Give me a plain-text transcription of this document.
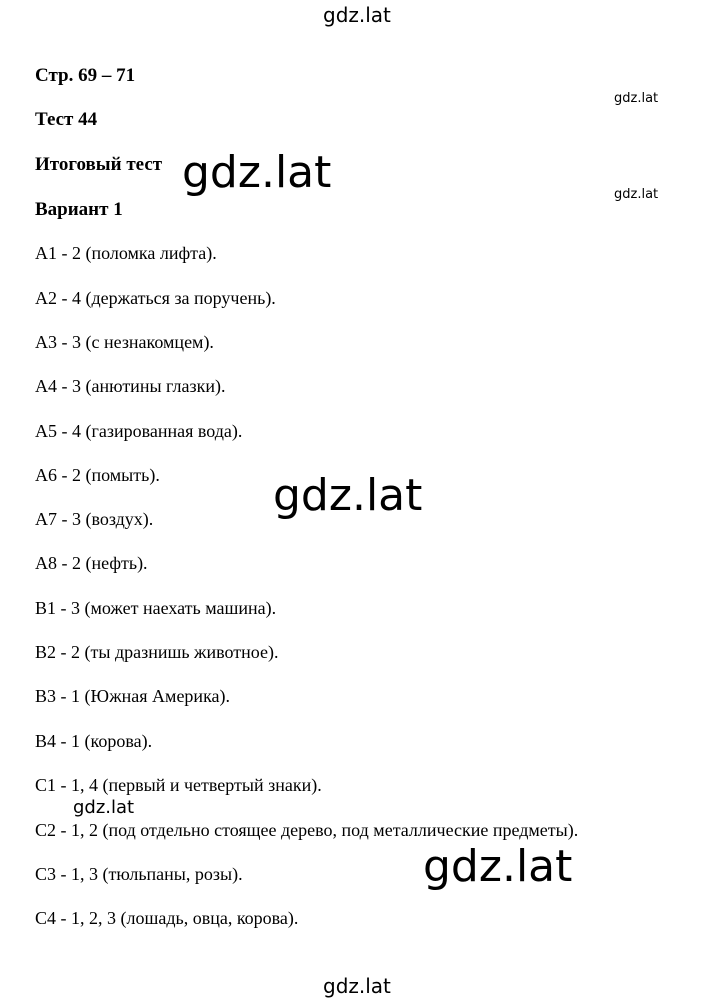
gdz.lat
Стр. 69 – 71
Тест 44
Итоговый тест
Вариант 1
А1 - 2 (поломка лифта).
А2 - 4 (держаться за поручень).
А3 - 3 (с незнакомцем).
А4 - 3 (анютины глазки).
А5 - 4 (газированная вода).
А6 - 2 (помыть).
А7 - 3 (воздух).
А8 - 2 (нефть).
В1 - 3 (может наехать машина).
В2 - 2 (ты дразнишь животное).
В3 - 1 (Южная Америка).
В4 - 1 (корова).
С1 - 1, 4 (первый и четвертый знаки).
С2 - 1, 2 (под отдельно стоящее дерево, под металлические предметы).
С3 - 1, 3 (тюльпаны, розы).
С4 - 1, 2, 3 (лошадь, овца, корова).
gdz.lat
gdz.lat
gdz.lat
gdz.lat
gdz.lat
gdz.lat
gdz.lat
